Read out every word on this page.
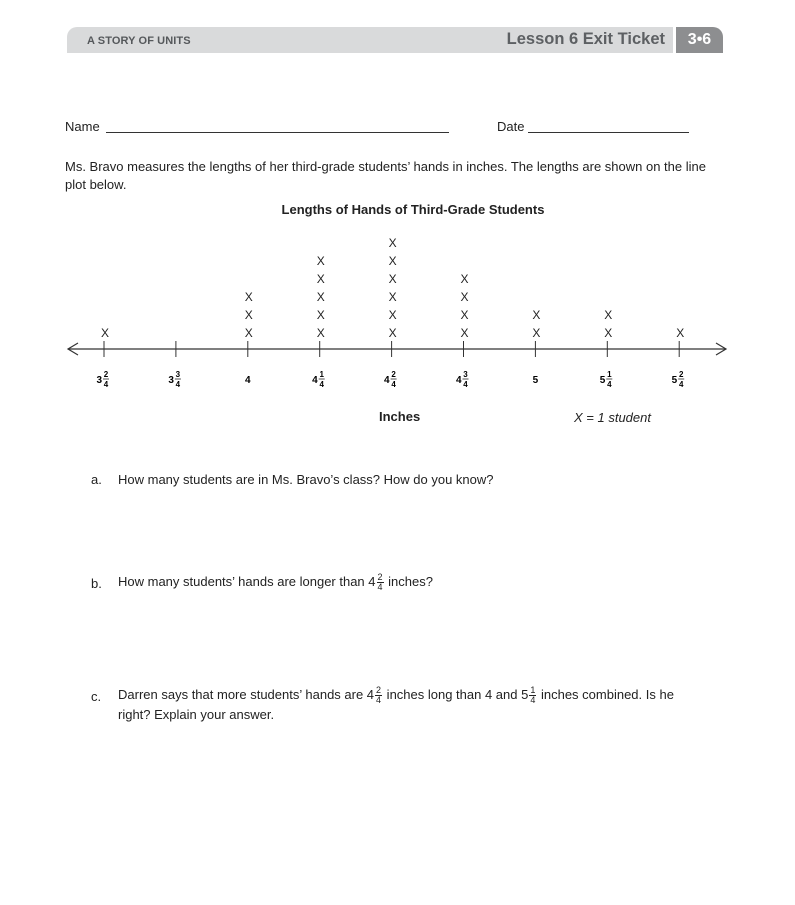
A STORY OF UNITS	Lesson 6 Exit Ticket	3•6
Name	Date
Ms. Bravo measures the lengths of her third-grade students’ hands in inches. The lengths are shown on the line plot below.
Lengths of Hands of Third-Grade Students
3
2
4
X
3
3
4	4
X
X
X
4
1
4
X
X
X
X
X
4
2
4
X
X
X
X
X
X
4
3
4
X
X
X
X
5
X
X
5
1
4
X
X
5
2
4
X
Inches	X = 1 student
a. How many students are in Ms. Bravo’s class? How do you know?
b. How many students’ hands are longer than $4 \frac{2}{4}$ inches?
c. Darren says that more students’ hands are $4 \frac{2}{4}$ inches long than 4 and $5 \frac{1}{4}$ inches combined. Is he
right? Explain your answer.
